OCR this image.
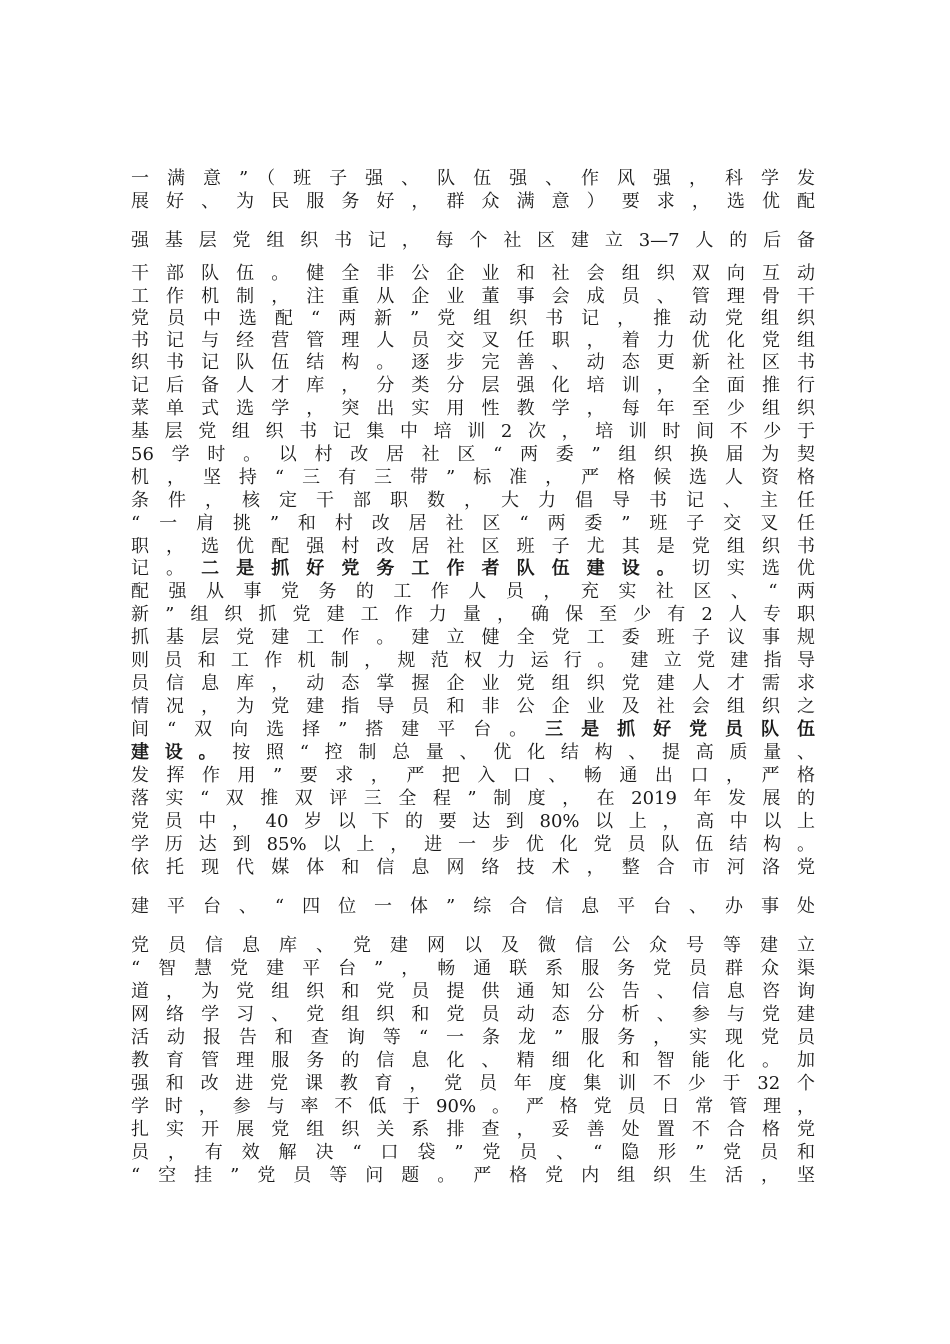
一满意”（班子强、队伍强、作风强，科学发
展好、为民服务好，群众满意）要求，选优配
强基层党组织书记，每个社区建立3—7人的后备
干部队伍。健全非公企业和社会组织双向互动
工作机制，注重从企业董事会成员、管理骨干
党员中选配“两新”党组织书记，推动党组织
书记与经营管理人员交叉任职，着力优化党组
织书记队伍结构。逐步完善、动态更新社区书
记后备人才库，分类分层强化培训，全面推行
菜单式选学，突出实用性教学，每年至少组织
基层党组织书记集中培训2次，培训时间不少于
56学时。以村改居社区“两委”组织换届为契
机，坚持“三有三带”标准，严格候选人资格
条件，核定干部职数，大力倡导书记、主任
“一肩挑”和村改居社区“两委”班子交叉任
职，选优配强村改居社区班子尤其是党组织书
记。二是抓好党务工作者队伍建设。切实选优
配强从事党务的工作人员，充实社区、“两
新”组织抓党建工作力量，确保至少有2人专职
抓基层党建工作。建立健全党工委班子议事规
则员和工作机制，规范权力运行。建立党建指导
员信息库，动态掌握企业党组织党建人才需求
情况，为党建指导员和非公企业及社会组织之
间“双向选择”搭建平台。三是抓好党员队伍
建设。按照“控制总量、优化结构、提高质量、
发挥作用”要求，严把入口、畅通出口，严格
落实“双推双评三全程”制度，在2019年发展的
党员中，40岁以下的要达到80%以上，高中以上
学历达到85%以上，进一步优化党员队伍结构。
依托现代媒体和信息网络技术，整合市河洛党
建平台、“四位一体”综合信息平台、办事处
党员信息库、党建网以及微信公众号等建立
“智慧党建平台”，畅通联系服务党员群众渠
道，为党组织和党员提供通知公告、信息咨询
网络学习、党组织和党员动态分析、参与党建
活动报告和查询等“一条龙”服务，实现党员
教育管理服务的信息化、精细化和智能化。加
强和改进党课教育，党员年度集训不少于32个
学时，参与率不低于90%。严格党员日常管理，
扎实开展党组织关系排查，妥善处置不合格党
员，有效解决“口袋”党员、“隐形”党员和
“空挂”党员等问题。严格党内组织生活，坚
